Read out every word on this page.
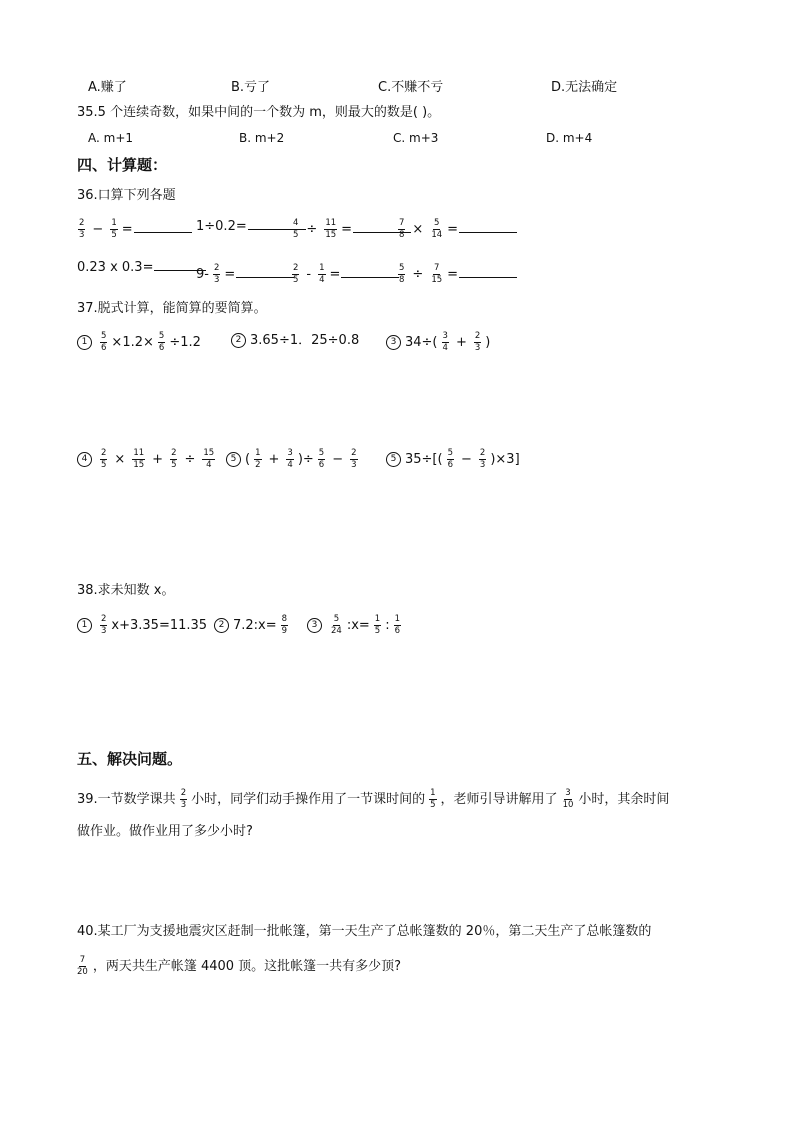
A.赚了	B.亏了	C.不赚不亏	D.无法确定
35.5 个连续奇数，如果中间的一个数为 m，则最大的数是( )。
A. m+1	B. m+2	C. m+3	D. m+4
四、计算题：
36.口算下列各题
$\frac{2}{3} - \frac{1}{5}$ =	1÷0.2=	$\frac{4}{5} \div \frac{11}{15}$ =	$\frac{7}{8} \times \frac{5}{14}$ =
0.23 x 0.3=	$9- \frac{2}{3}$ =	$\frac{2}{5} - \frac{1}{4}$ =	$\frac{5}{8} \div \frac{7}{15}$ =
37.脱式计算，能简算的要简算。
$1 \frac{5}{6} \times 1.2\times \frac{5}{6} \div 1.2$	2 3.65÷1．25÷0.8	3 $34\div( \frac{3}{4} + \frac{2}{3}$ )
$4 \frac{2}{5} \times \frac{11}{15} + \frac{2}{5} \div \frac{15}{4}$	5 ( $\frac{1}{2} + \frac{3}{4}$ )÷ $\frac{5}{6} - \frac{2}{3}$	5 $35\div[( \frac{5}{6} - \frac{2}{3} )\times 3]$
38.求未知数 x。
$1 \frac{2}{3} x+3.35=11.35$	2 7.2:x= $\frac{8}{9}$	$3 \frac{5}{24}$ :x= $\frac{1}{5}$ : $\frac{1}{6}$
五、解决问题。
39.一节数学课共 $\frac{2}{3}$ 小时，同学们动手操作用了一节课时间的 $\frac{1}{5}$ ，老师引导讲解用了 $\frac{3}{10}$ 小时，其余时间
做作业。做作业用了多少小时?
40.某工厂为支援地震灾区赶制一批帐篷，第一天生产了总帐篷数的 20％，第二天生产了总帐篷数的
$\frac{7}{20}$ ，两天共生产帐篷 4400 顶。这批帐篷一共有多少顶?
